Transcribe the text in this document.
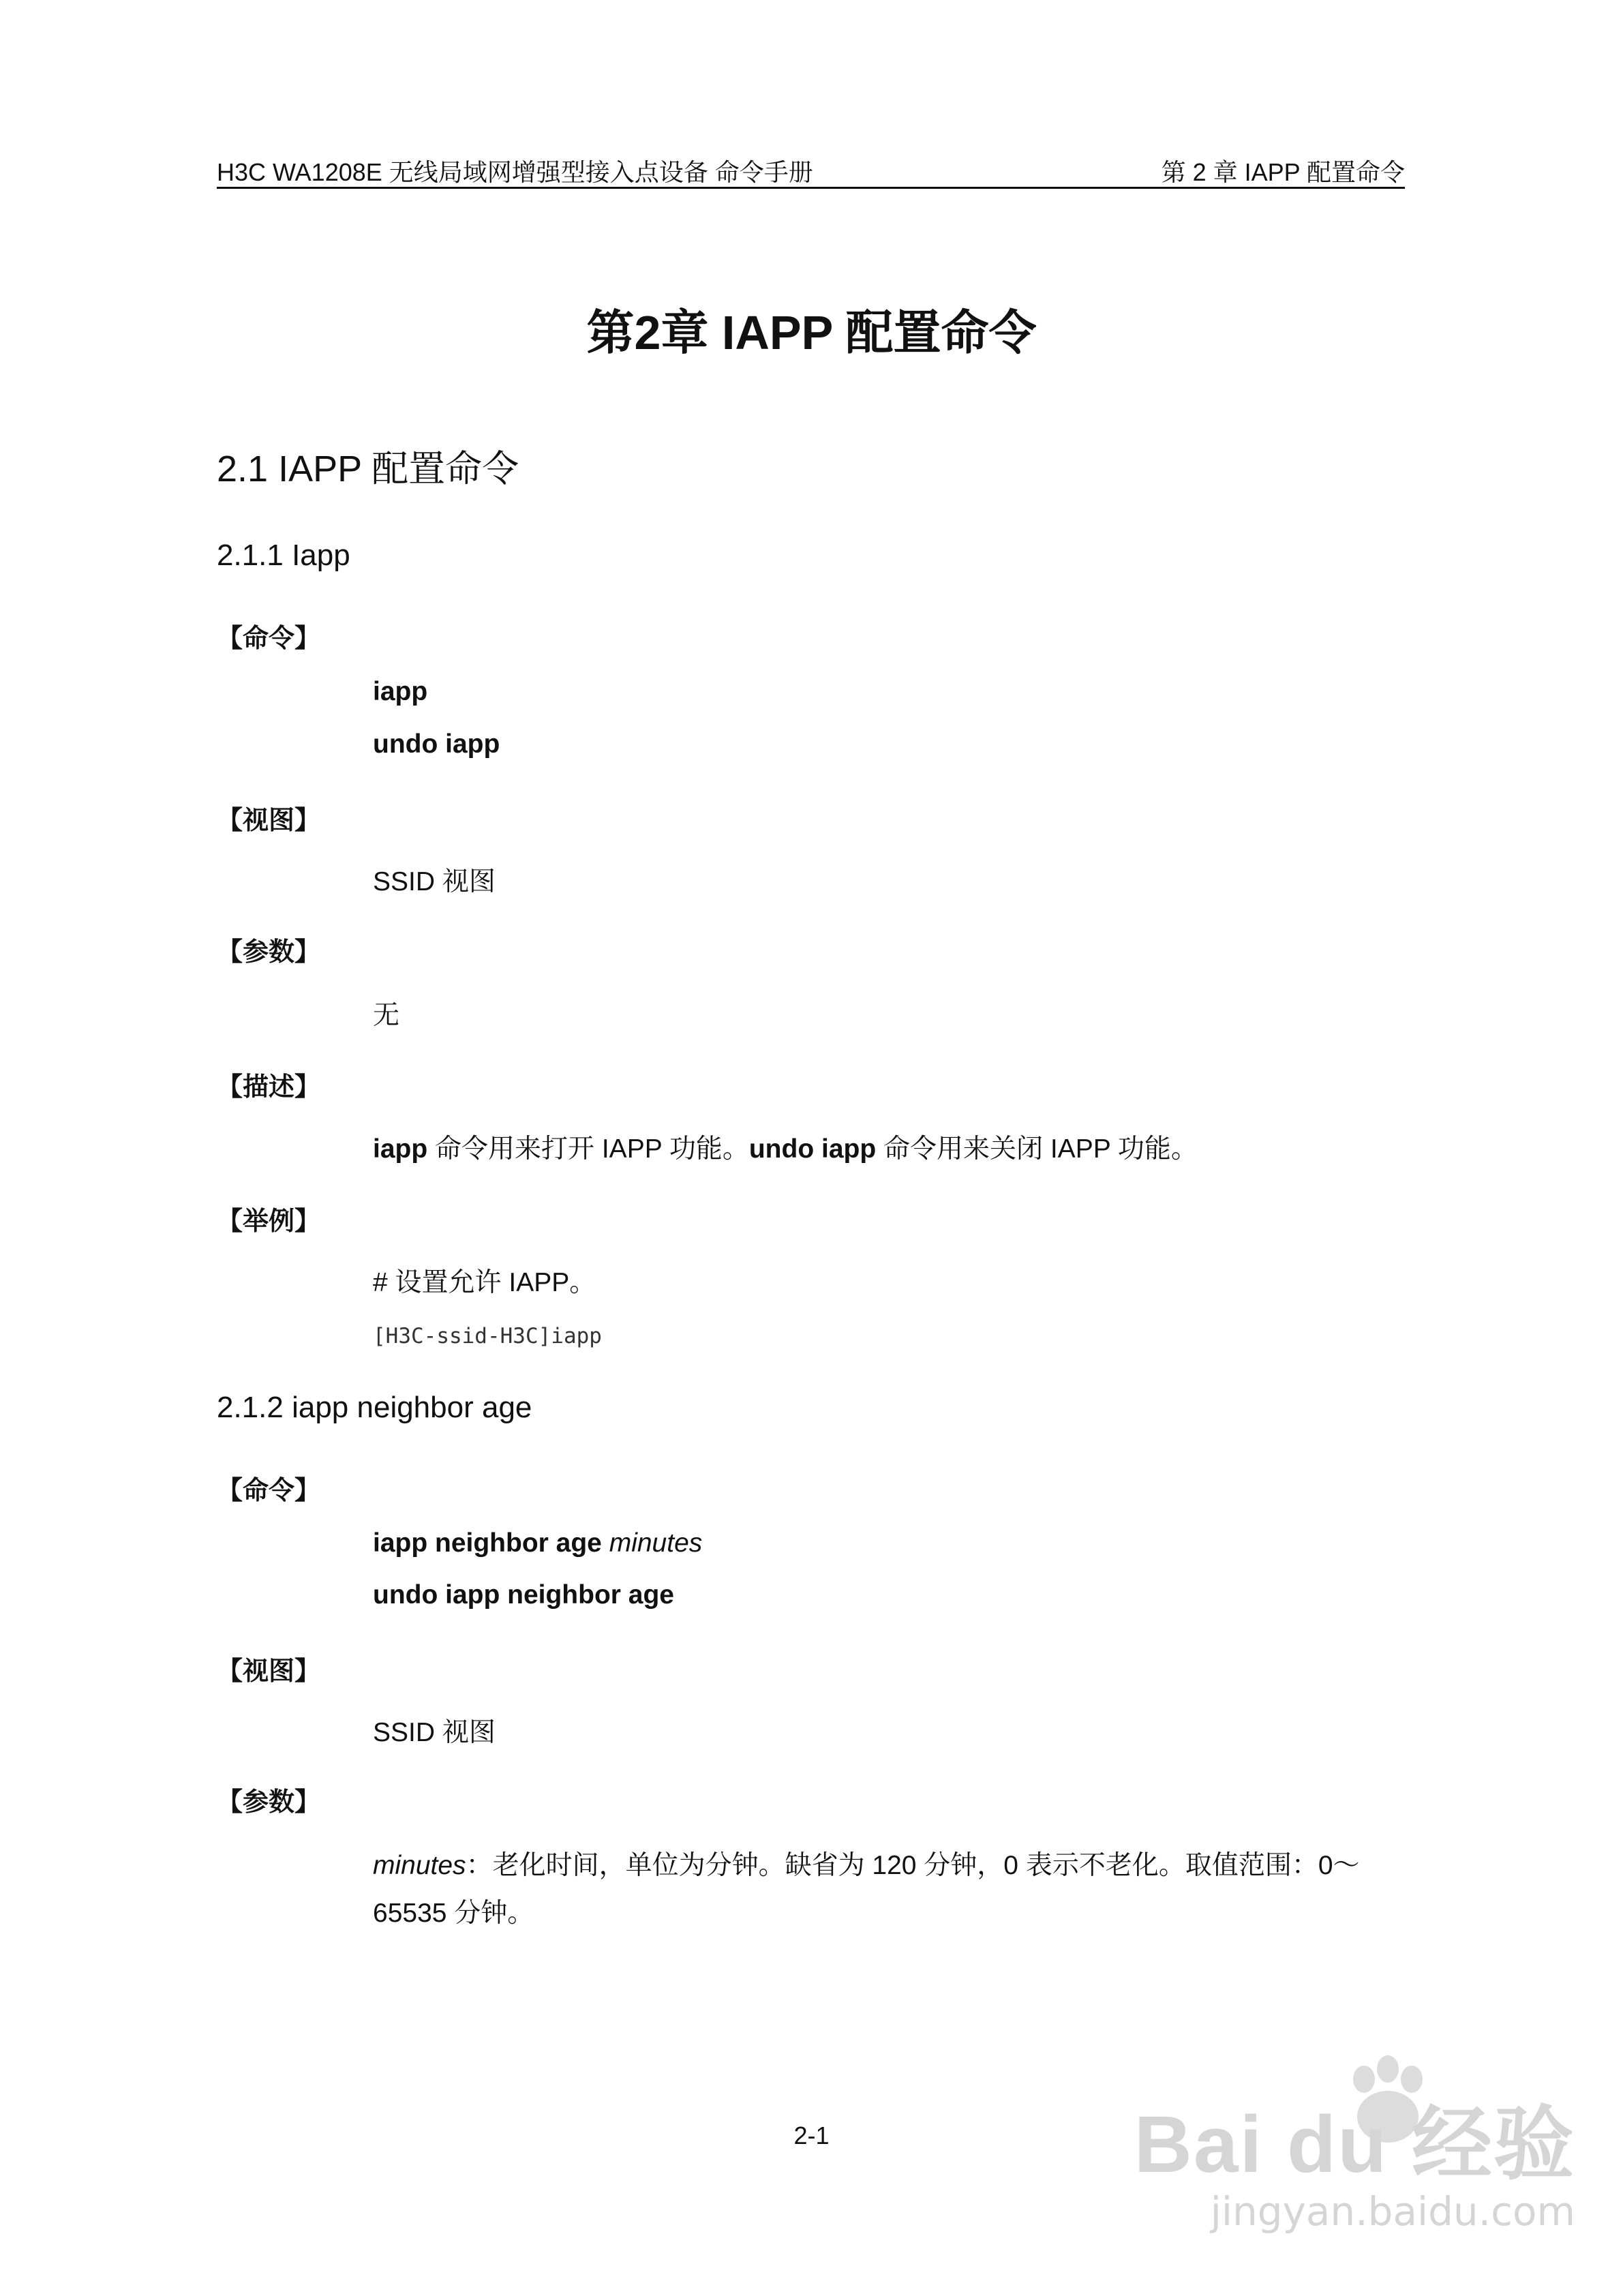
H3C WA1208E 无线局域网增强型接入点设备 命令手册	第 2 章 IAPP 配置命令
第2章 IAPP 配置命令
2.1 IAPP 配置命令
2.1.1 Iapp
【命令】
iapp
undo iapp
【视图】
SSID 视图
【参数】
无
【描述】
iapp 命令用来打开 IAPP 功能。undo iapp 命令用来关闭 IAPP 功能。
【举例】
# 设置允许 IAPP。
[H3C-ssid-H3C]iapp
2.1.2 iapp neighbor age
【命令】
iapp neighbor age minutes
undo iapp neighbor age
【视图】
SSID 视图
【参数】
minutes：老化时间，单位为分钟。缺省为 120 分钟，0 表示不老化。取值范围：0～
65535 分钟。
2-1	Bai du 经验
jingyan.baidu.com
